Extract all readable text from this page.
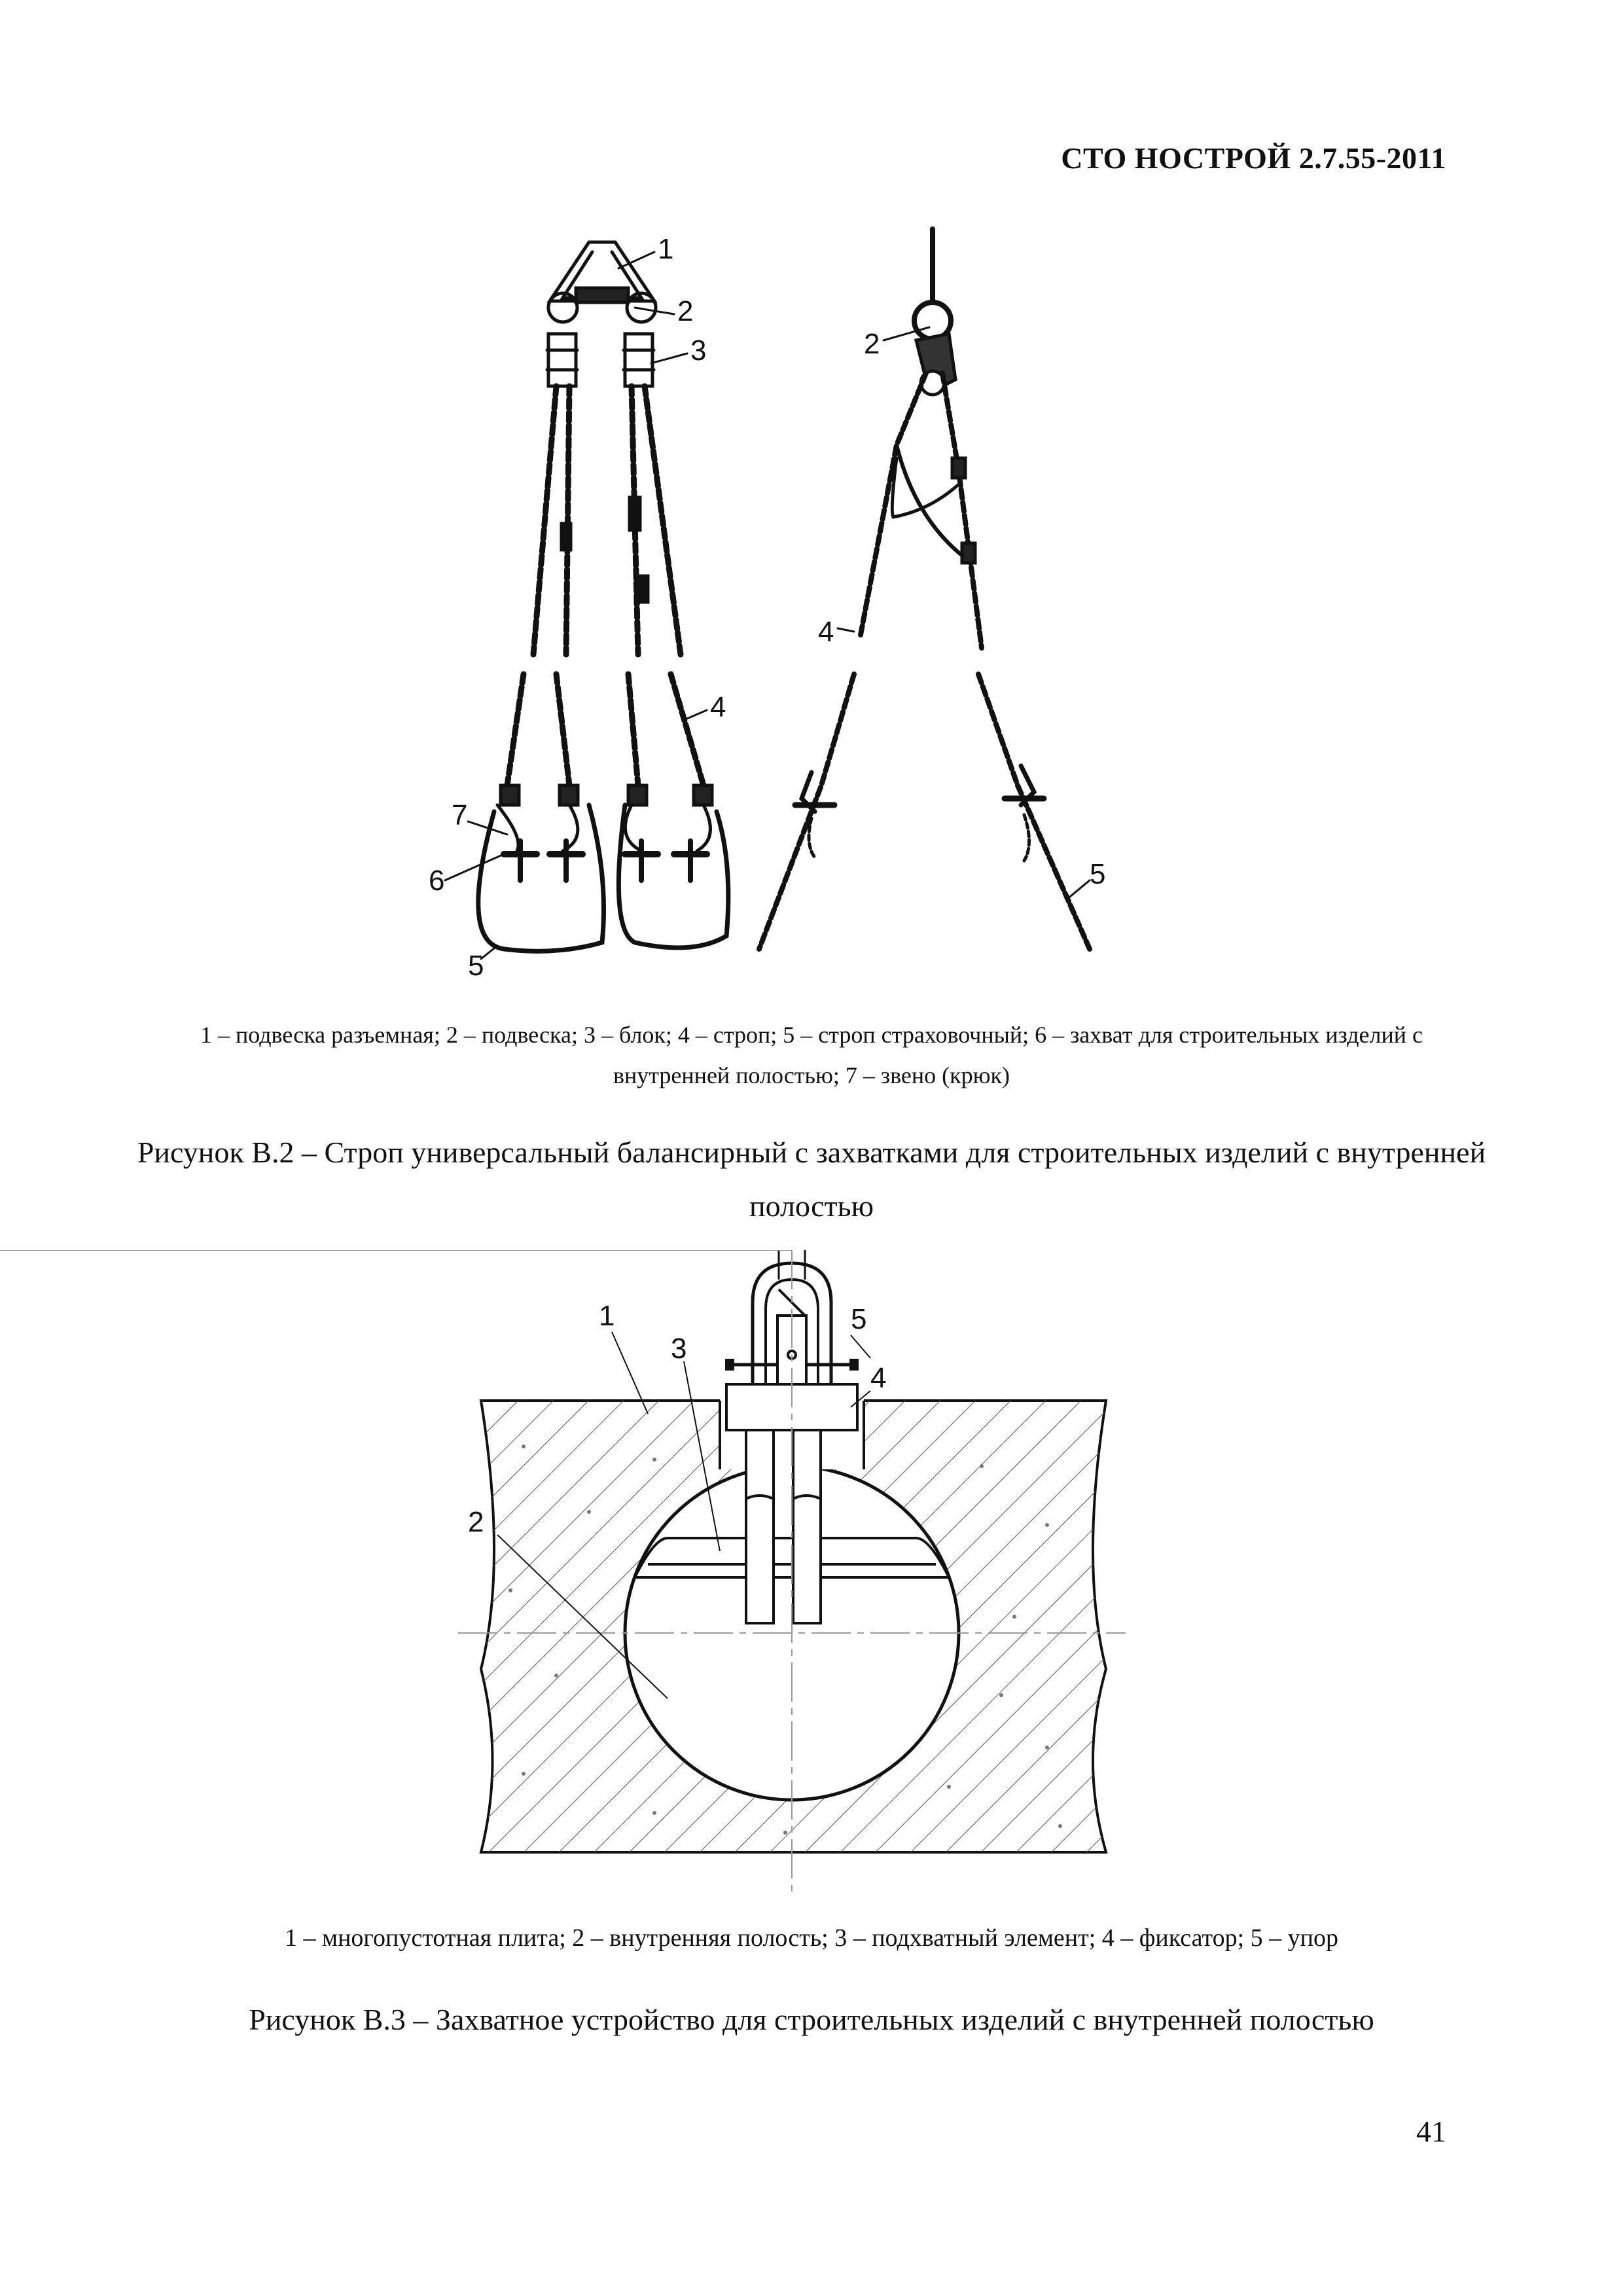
СТО НОСТРОЙ 2.7.55-2011
1
2
3
4
7
6
5
2
4
5
1 – подвеска разъемная; 2 – подвеска; 3 – блок; 4 – строп; 5 – строп страховочный; 6 – захват для строительных изделий с внутренней полостью; 7 – звено (крюк)
Рисунок В.2 – Строп универсальный балансирный с захватками для строительных изделий с внутренней полостью
1
2
3
4
5
1 – многопустотная плита; 2 – внутренняя полость; 3 – подхватный элемент; 4 – фиксатор; 5 – упор
Рисунок В.3 – Захватное устройство для строительных изделий с внутренней полостью
41
